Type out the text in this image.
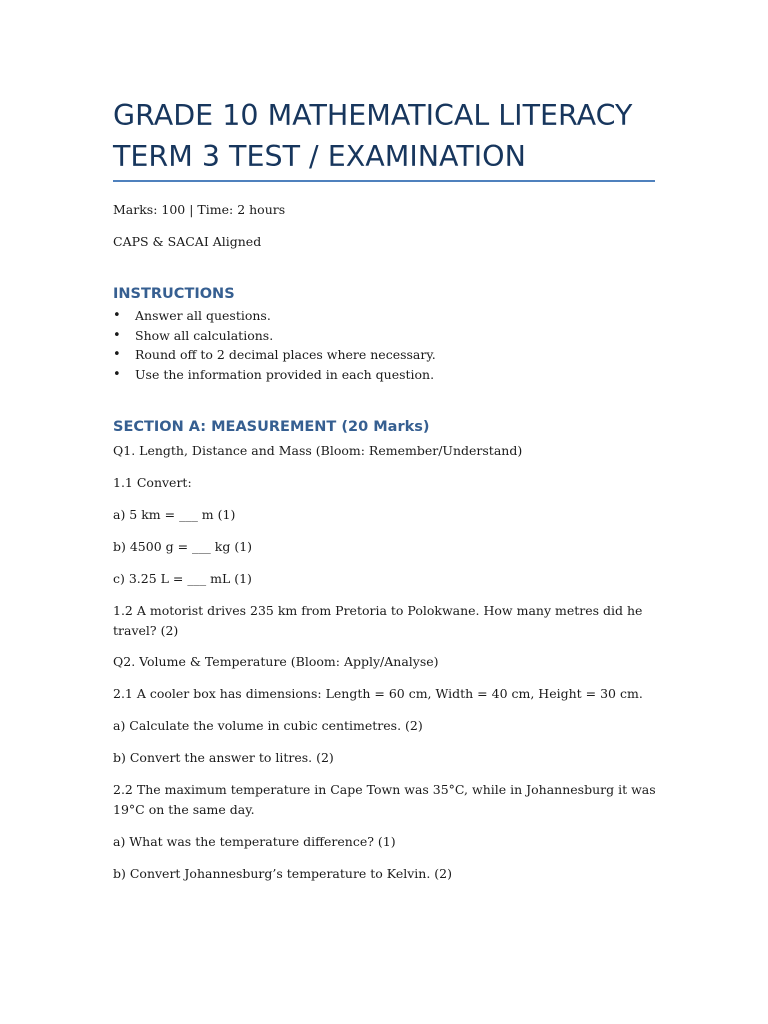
GRADE 10 MATHEMATICAL LITERACY
TERM 3 TEST / EXAMINATION

Marks: 100 | Time: 2 hours

CAPS & SACAI Aligned

INSTRUCTIONS
• Answer all questions.
• Show all calculations.
• Round off to 2 decimal places where necessary.
• Use the information provided in each question.
SECTION A: MEASUREMENT (20 Marks)

Q1. Length, Distance and Mass (Bloom: Remember/Understand)

1.1 Convert:

a) 5 km = ___ m (1)

b) 4500 g = ___ kg (1)

c) 3.25 L = ___ mL (1)

1.2 A motorist drives 235 km from Pretoria to Polokwane. How many metres did he travel? (2)

Q2. Volume & Temperature (Bloom: Apply/Analyse)

2.1 A cooler box has dimensions: Length = 60 cm, Width = 40 cm, Height = 30 cm.

a) Calculate the volume in cubic centimetres. (2)

b) Convert the answer to litres. (2)

2.2 The maximum temperature in Cape Town was 35°C, while in Johannesburg it was 19°C on the same day.

a) What was the temperature difference? (1)

b) Convert Johannesburg’s temperature to Kelvin. (2)
